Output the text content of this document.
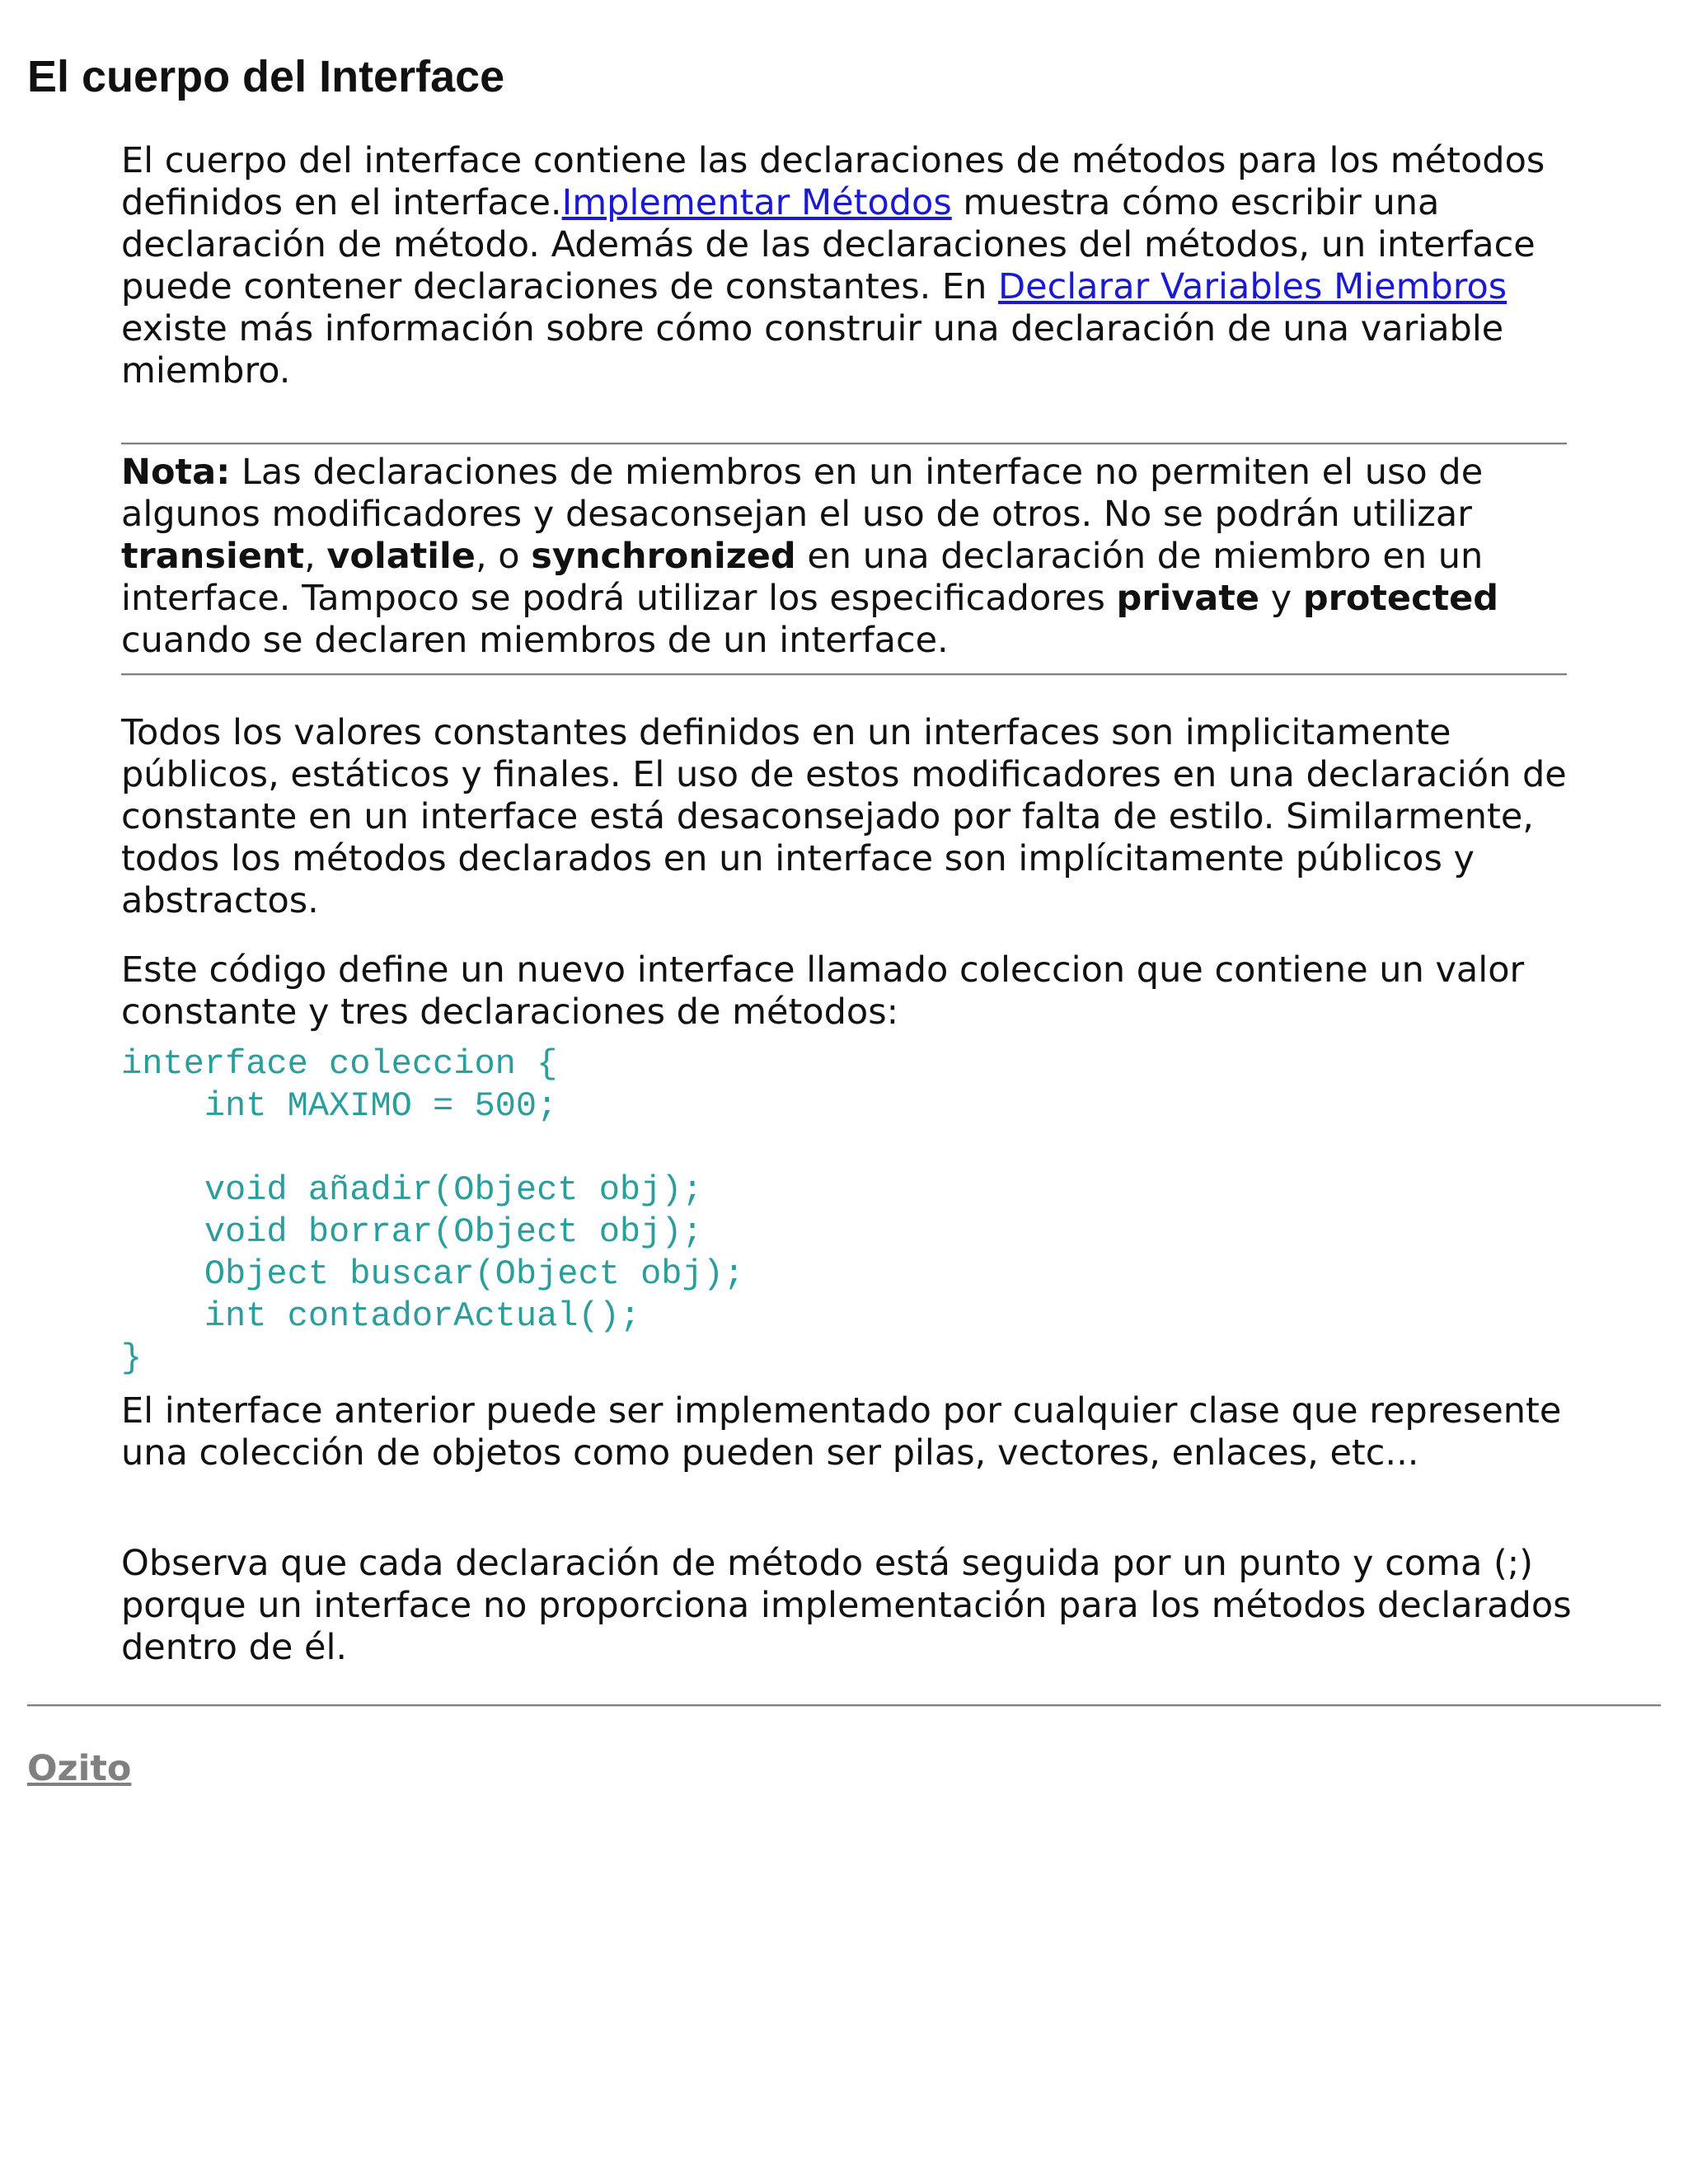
El cuerpo del Interface

El cuerpo del interface contiene las declaraciones de métodos para los métodos definidos en el interface.Implementar Métodos muestra cómo escribir una declaración de método. Además de las declaraciones del métodos, un interface puede contener declaraciones de constantes. En Declarar Variables Miembros existe más información sobre cómo construir una declaración de una variable miembro.

Nota: Las declaraciones de miembros en un interface no permiten el uso de algunos modificadores y desaconsejan el uso de otros. No se podrán utilizar transient, volatile, o synchronized en una declaración de miembro en un interface. Tampoco se podrá utilizar los especificadores private y protected cuando se declaren miembros de un interface.

Todos los valores constantes definidos en un interfaces son implicitamente públicos, estáticos y finales. El uso de estos modificadores en una declaración de constante en un interface está desaconsejado por falta de estilo. Similarmente, todos los métodos declarados en un interface son implícitamente públicos y abstractos.

Este código define un nuevo interface llamado coleccion que contiene un valor constante y tres declaraciones de métodos:

interface coleccion {
int MAXIMO = 500;
void añadir(Object obj);
void borrar(Object obj);
Object buscar(Object obj);
int contadorActual();
}

El interface anterior puede ser implementado por cualquier clase que represente una colección de objetos como pueden ser pilas, vectores, enlaces, etc...

Observa que cada declaración de método está seguida por un punto y coma (;) porque un interface no proporciona implementación para los métodos declarados dentro de él.

Ozito
